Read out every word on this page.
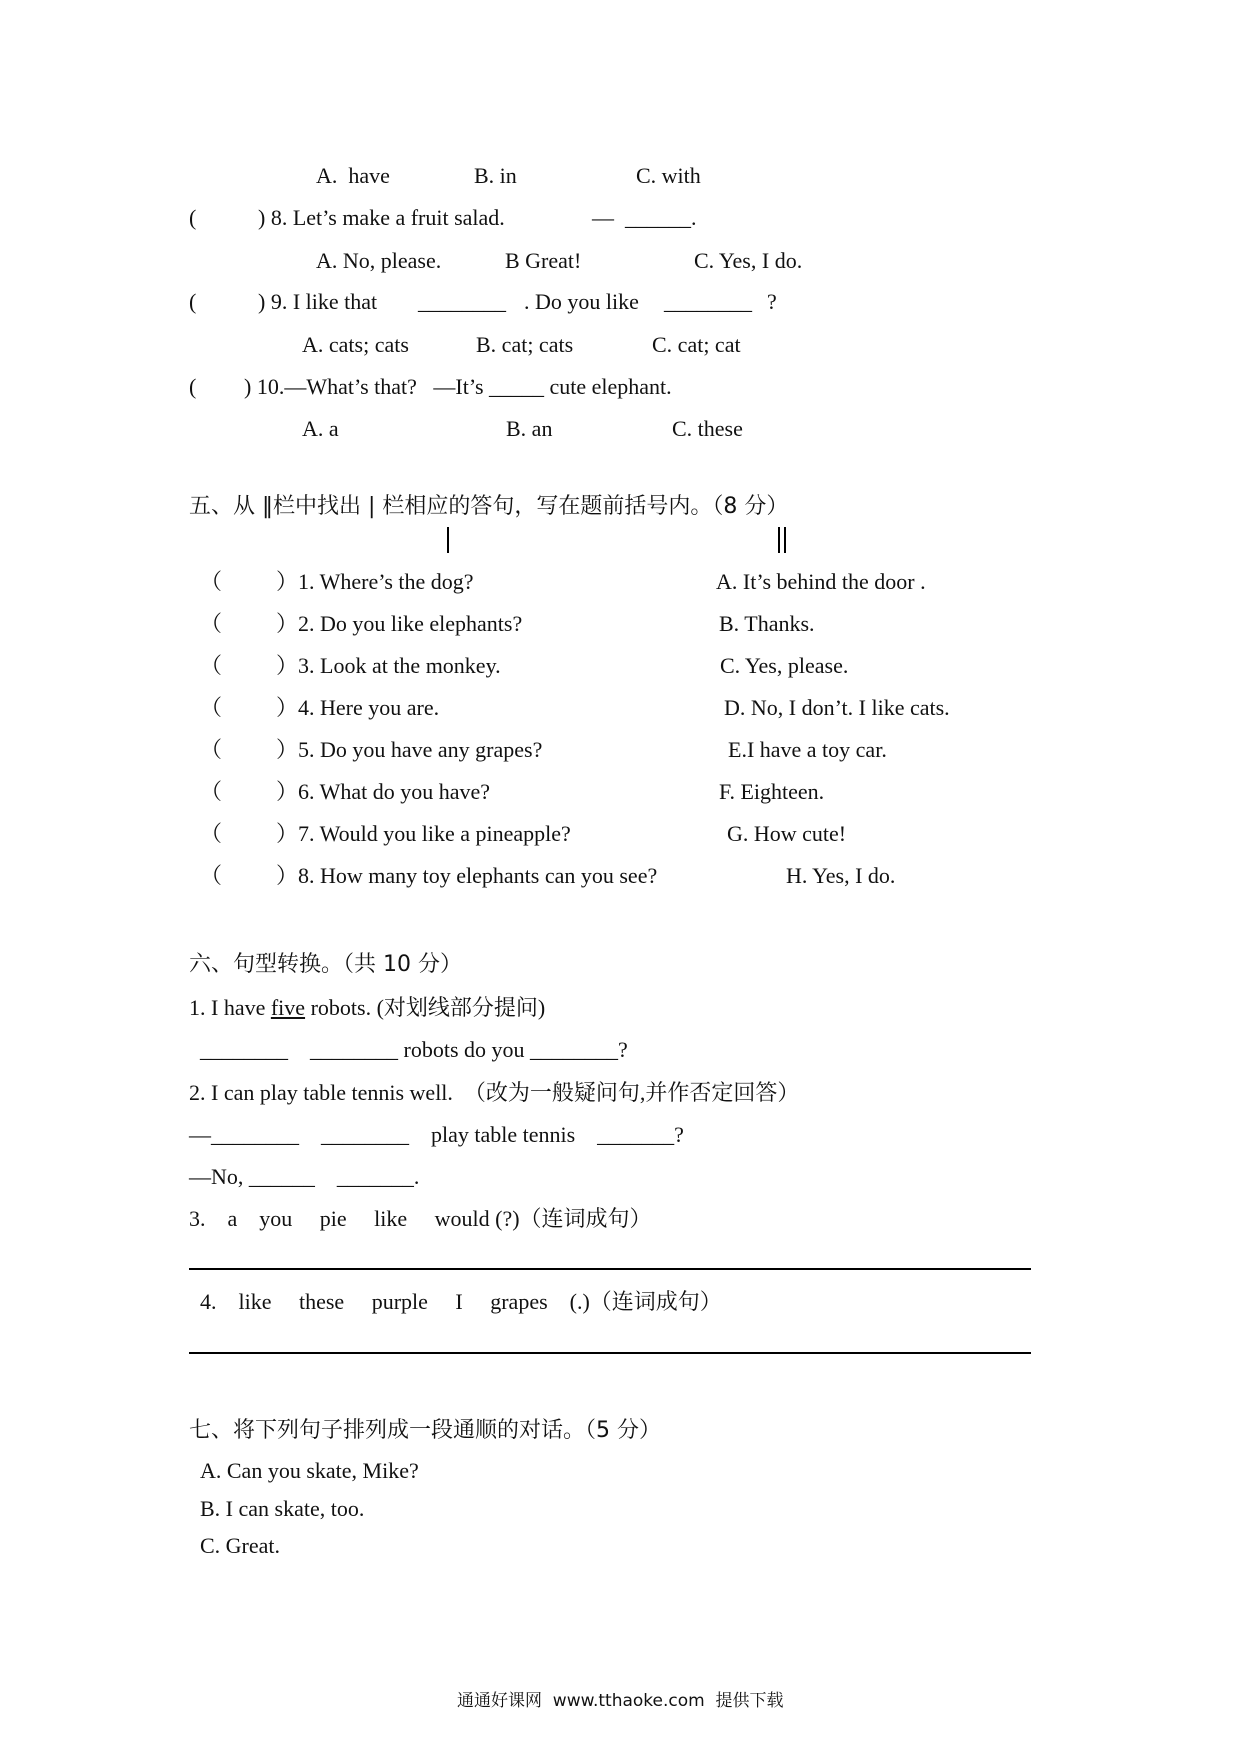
A.  have	B. in	C. with
(	) 8. Let’s make a fruit salad.	—  ______.
A. No, please.	B Great!	C. Yes, I do.
(	) 9. I like that ________ . Do you like ________ ?
A. cats; cats	B. cat; cats	C. cat; cat
( ) 10.—What’s that?   —It’s _____ cute elephant.
A. a	B. an	C. these
五、从 ‖栏中找出 | 栏相应的答句，写在题前括号内。（8 分）
（ ）1. Where’s the dog?	A. It’s behind the door .
（ ）2. Do you like elephants?	B. Thanks.
（ ）3. Look at the monkey.	C. Yes, please.
（ ）4. Here you are.	D. No, I don’t. I like cats.
（ ）5. Do you have any grapes?	E.I have a toy car.
（ ）6. What do you have?	F. Eighteen.
（ ）7. Would you like a pineapple?	G. How cute!
（ ）8. How many toy elephants can you see?	H. Yes, I do.
六、句型转换。（共 10 分）
1. I have five robots. (对划线部分提问)
________    ________ robots do you ________?
2. I can play table tennis well.  （改为一般疑问句,并作否定回答）
—________    ________    play table tennis    _______?
—No, ______    _______.
3.    a    you     pie     like     would (?)（连词成句）
4.    like     these     purple     I     grapes    (.)（连词成句）
七、将下列句子排列成一段通顺的对话。（5 分）
A. Can you skate, Mike?
B. I can skate, too.
C. Great.
通通好课网  www.tthaoke.com  提供下载
